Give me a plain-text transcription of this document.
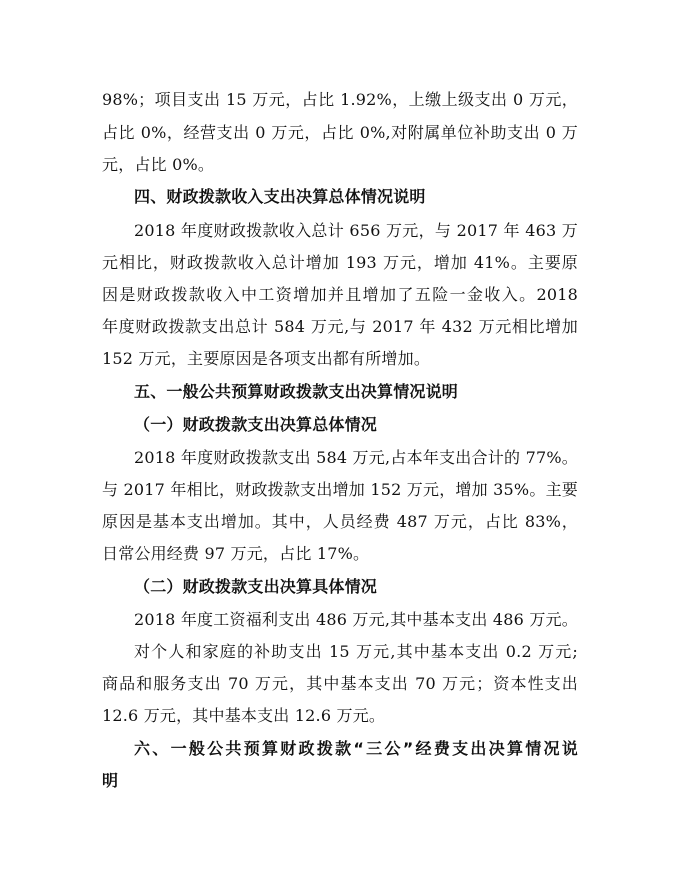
98%；项目支出 15 万元，占比 1.92%，上缴上级支出 0 万元，
占比 0%，经营支出 0 万元，占比 0%,对附属单位补助支出 0 万
元，占比 0%。
四、财政拨款收入支出决算总体情况说明
2018 年度财政拨款收入总计 656 万元，与 2017 年 463 万
元相比，财政拨款收入总计增加 193 万元，增加 41%。主要原
因是财政拨款收入中工资增加并且增加了五险一金收入。2018
年度财政拨款支出总计 584 万元,与 2017 年 432 万元相比增加
152 万元，主要原因是各项支出都有所增加。
五、一般公共预算财政拨款支出决算情况说明
（一）财政拨款支出决算总体情况
2018 年度财政拨款支出 584 万元,占本年支出合计的 77%。
与 2017 年相比，财政拨款支出增加 152 万元，增加 35%。主要
原因是基本支出增加。其中，人员经费 487 万元，占比 83%，
日常公用经费 97 万元，占比 17%。
（二）财政拨款支出决算具体情况
2018 年度工资福利支出 486 万元,其中基本支出 486 万元。
对个人和家庭的补助支出 15 万元,其中基本支出 0.2 万元;
商品和服务支出 70 万元，其中基本支出 70 万元；资本性支出
12.6 万元，其中基本支出 12.6 万元。
六、一般公共预算财政拨款“三公”经费支出决算情况说
明
